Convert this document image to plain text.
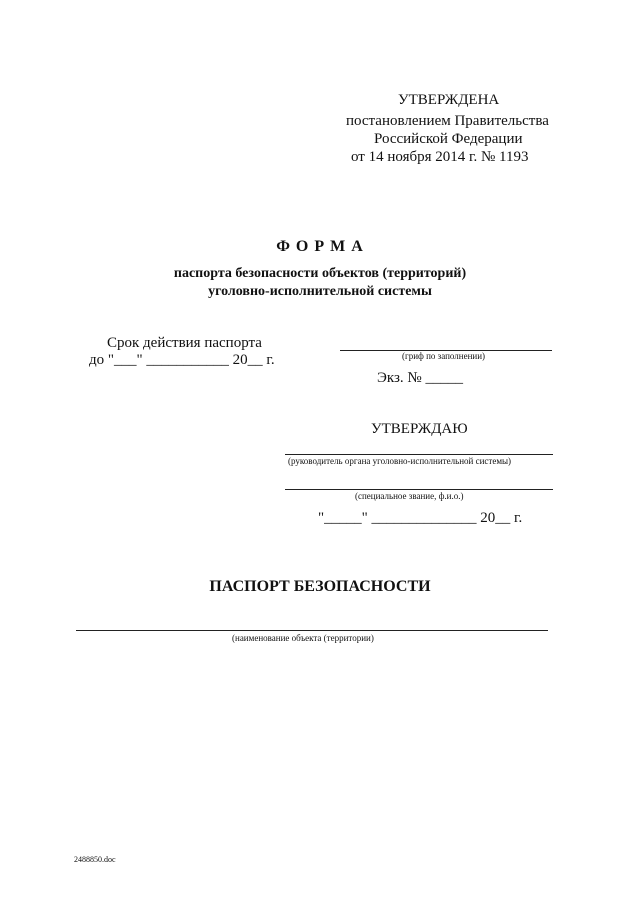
УТВЕРЖДЕНА
постановлением Правительства
Российской Федерации
от 14 ноября 2014 г. № 1193
Ф О Р М А
паспорта безопасности объектов (территорий)
уголовно-исполнительной системы
Срок действия паспорта
до "___" ___________ 20__ г.	(гриф по заполнении)
Экз. № _____
УТВЕРЖДАЮ
(руководитель органа уголовно-исполнительной системы)
(специальное звание, ф.и.о.)
"_____" ______________ 20__ г.
ПАСПОРТ БЕЗОПАСНОСТИ
(наименование объекта (территории)
2488850.doc
